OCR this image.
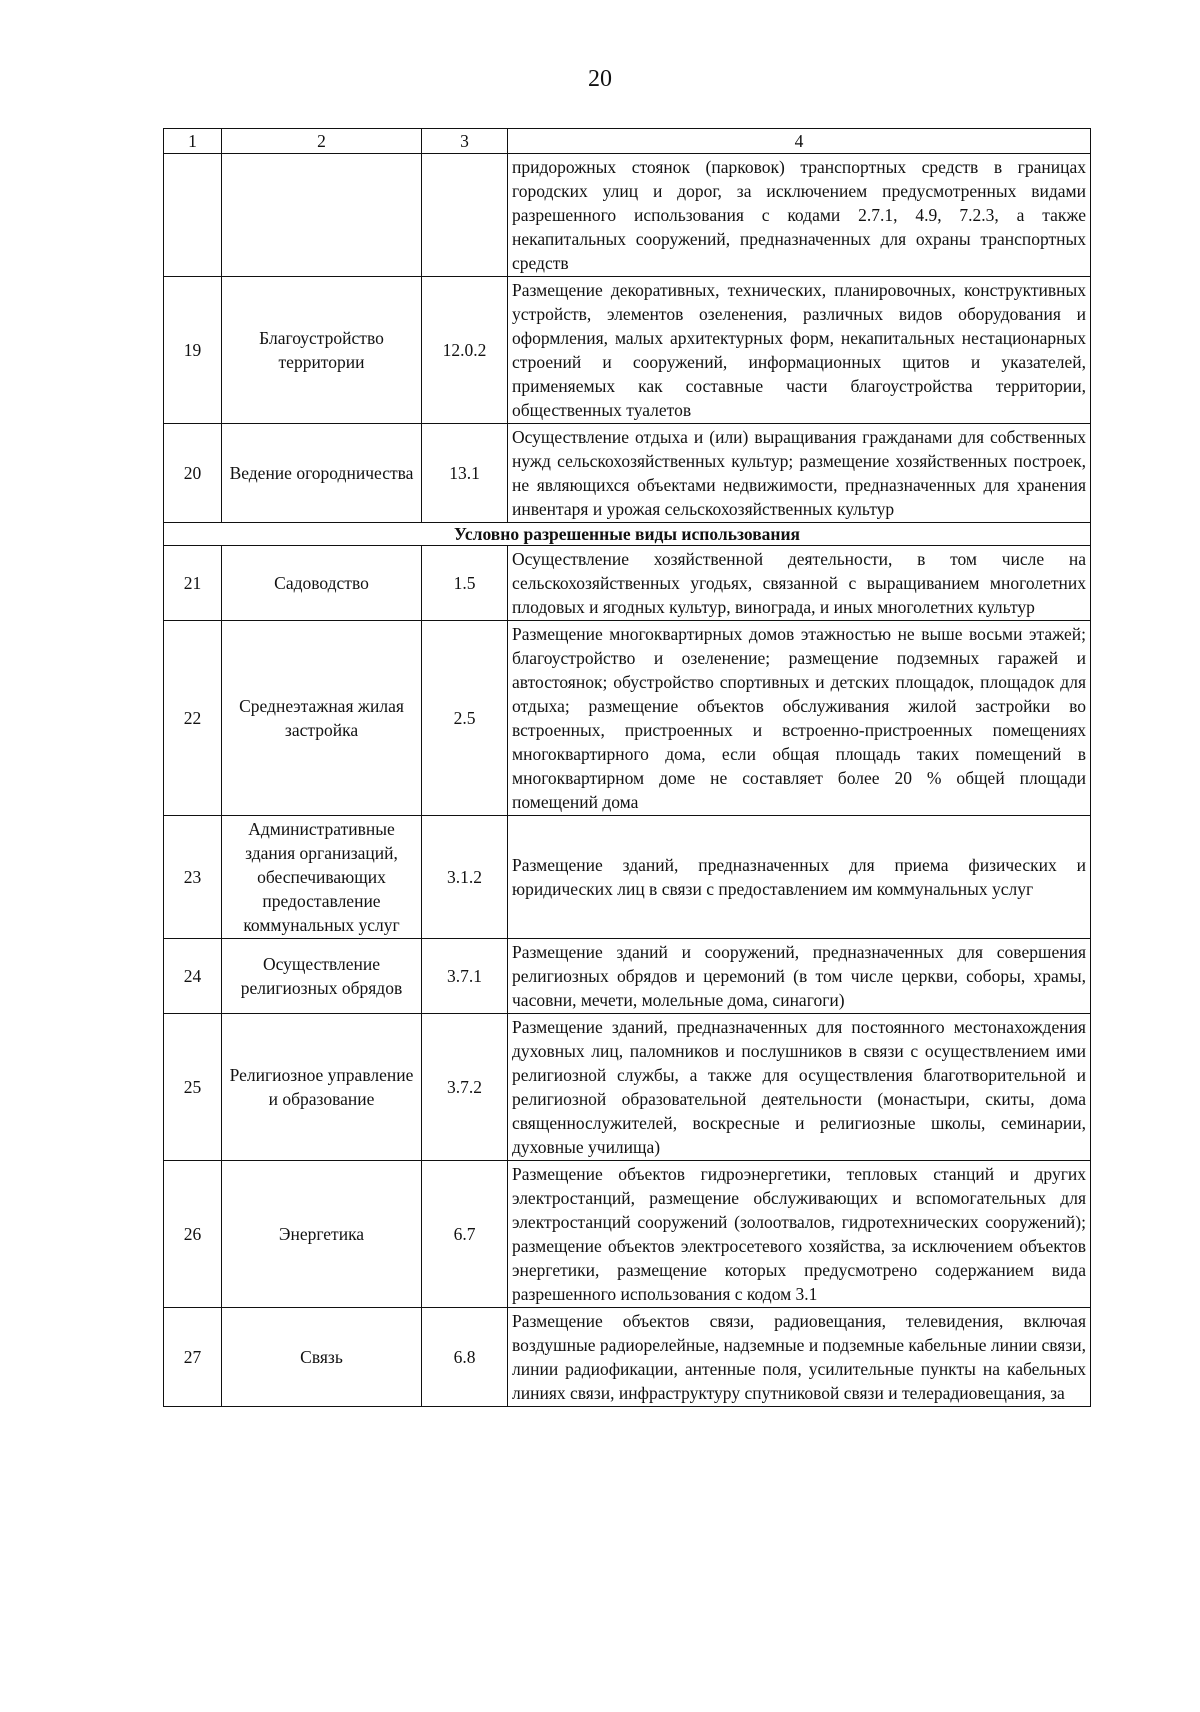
20
1	2	3	4
			придорожных стоянок (парковок) транспортных средств в границах городских улиц и дорог, за исключением предусмотренных видами разрешенного использования с кодами 2.7.1, 4.9, 7.2.3, а также некапитальных сооружений, предназначенных для охраны транспортных средств
19	Благоустройство территории	12.0.2	Размещение декоративных, технических, планировочных, конструктивных устройств, элементов озеленения, различных видов оборудования и оформления, малых архитектурных форм, некапитальных нестационарных строений и сооружений, информационных щитов и указателей, применяемых как составные части благоустройства территории, общественных туалетов
20	Ведение огородничества	13.1	Осуществление отдыха и (или) выращивания гражданами для собственных нужд сельскохозяйственных культур; размещение хозяйственных построек, не являющихся объектами недвижимости, предназначенных для хранения инвентаря и урожая сельскохозяйственных культур
Условно разрешенные виды использования			
21	Садоводство	1.5	Осуществление хозяйственной деятельности, в том числе на сельскохозяйственных угодьях, связанной с выращиванием многолетних плодовых и ягодных культур, винограда, и иных многолетних культур
22	Среднеэтажная жилая застройка	2.5	Размещение многоквартирных домов этажностью не выше восьми этажей; благоустройство и озеленение; размещение подземных гаражей и автостоянок; обустройство спортивных и детских площадок, площадок для отдыха; размещение объектов обслуживания жилой застройки во встроенных, пристроенных и встроенно-пристроенных помещениях многоквартирного дома, если общая площадь таких помещений в многоквартирном доме не составляет более 20 % общей площади помещений дома
23	Административные здания организаций, обеспечивающих предоставление коммунальных услуг	3.1.2	Размещение зданий, предназначенных для приема физических и юридических лиц в связи с предоставлением им коммунальных услуг
24	Осуществление религиозных обрядов	3.7.1	Размещение зданий и сооружений, предназначенных для совершения религиозных обрядов и церемоний (в том числе церкви, соборы, храмы, часовни, мечети, молельные дома, синагоги)
25	Религиозное управление и образование	3.7.2	Размещение зданий, предназначенных для постоянного местонахождения духовных лиц, паломников и послушников в связи с осуществлением ими религиозной службы, а также для осуществления благотворительной и религиозной образовательной деятельности (монастыри, скиты, дома священнослужителей, воскресные и религиозные школы, семинарии, духовные училища)
26	Энергетика	6.7	Размещение объектов гидроэнергетики, тепловых станций и других электростанций, размещение обслуживающих и вспомогательных для электростанций сооружений (золоотвалов, гидротехнических сооружений); размещение объектов электросетевого хозяйства, за исключением объектов энергетики, размещение которых предусмотрено содержанием вида разрешенного использования с кодом 3.1
27	Связь	6.8	Размещение объектов связи, радиовещания, телевидения, включая воздушные радиорелейные, надземные и подземные кабельные линии связи, линии радиофикации, антенные поля, усилительные пункты на кабельных линиях связи, инфраструктуру спутниковой связи и телерадиовещания, за
